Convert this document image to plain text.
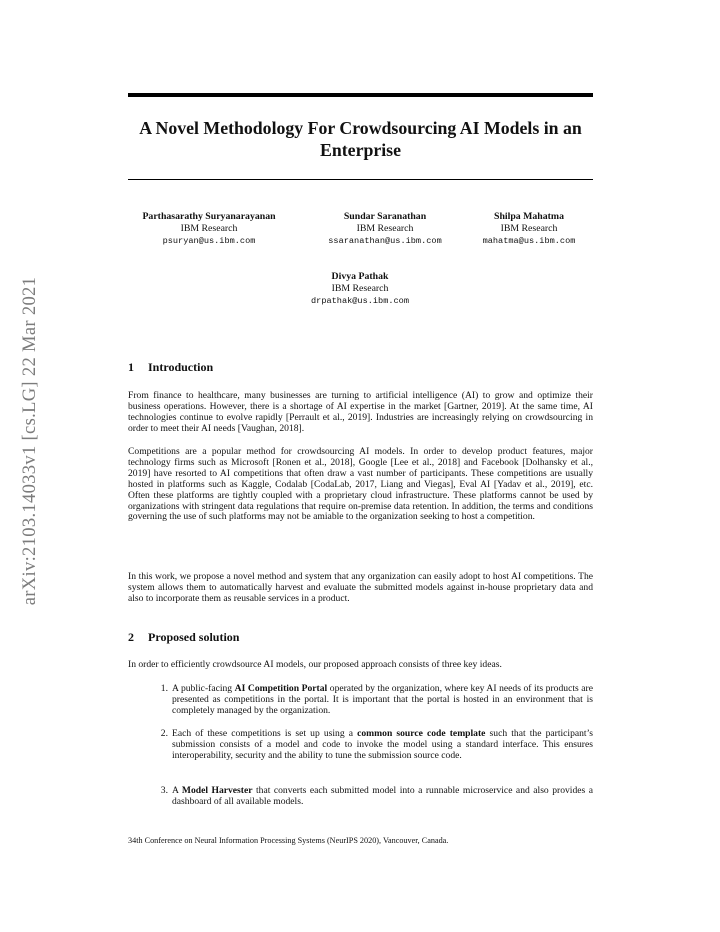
arXiv:2103.14033v1 [cs.LG] 22 Mar 2021
A Novel Methodology For Crowdsourcing AI Models in an Enterprise
Parthasarathy Suryanarayanan
IBM Research
psuryan@us.ibm.com
Sundar Saranathan
IBM Research
ssaranathan@us.ibm.com
Shilpa Mahatma
IBM Research
mahatma@us.ibm.com
Divya Pathak
IBM Research
drpathak@us.ibm.com
1 Introduction

From finance to healthcare, many businesses are turning to artificial intelligence (AI) to grow and optimize their business operations. However, there is a shortage of AI expertise in the market [Gartner, 2019]. At the same time, AI technologies continue to evolve rapidly [Perrault et al., 2019]. Industries are increasingly relying on crowdsourcing in order to meet their AI needs [Vaughan, 2018].

Competitions are a popular method for crowdsourcing AI models. In order to develop product features, major technology firms such as Microsoft [Ronen et al., 2018], Google [Lee et al., 2018] and Facebook [Dolhansky et al., 2019] have resorted to AI competitions that often draw a vast number of participants. These competitions are usually hosted in platforms such as Kaggle, Codalab [CodaLab, 2017, Liang and Viegas], Eval AI [Yadav et al., 2019], etc. Often these platforms are tightly coupled with a proprietary cloud infrastructure. These platforms cannot be used by organizations with stringent data regulations that require on-premise data retention. In addition, the terms and conditions governing the use of such platforms may not be amiable to the organization seeking to host a competition.

In this work, we propose a novel method and system that any organization can easily adopt to host AI competitions. The system allows them to automatically harvest and evaluate the submitted models against in-house proprietary data and also to incorporate them as reusable services in a product.

2 Proposed solution

In order to efficiently crowdsource AI models, our proposed approach consists of three key ideas.

1. A public-facing AI Competition Portal operated by the organization, where key AI needs of its products are presented as competitions in the portal. It is important that the portal is hosted in an environment that is completely managed by the organization.
2. Each of these competitions is set up using a common source code template such that the participant’s submission consists of a model and code to invoke the model using a standard interface. This ensures interoperability, security and the ability to tune the submission source code.
3. A Model Harvester that converts each submitted model into a runnable microservice and also provides a dashboard of all available models.

34th Conference on Neural Information Processing Systems (NeurIPS 2020), Vancouver, Canada.
